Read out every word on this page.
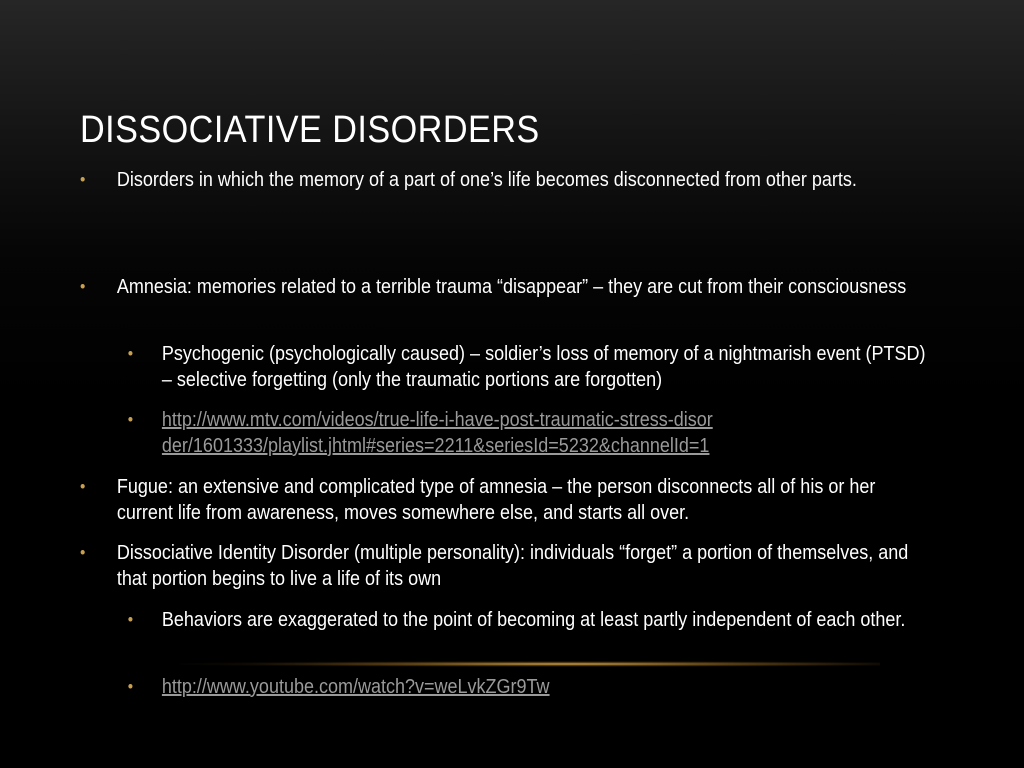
DISSOCIATIVE DISORDERS
•	Disorders in which the memory of a part of one’s life becomes disconnected from other parts.
•	Amnesia: memories related to a terrible trauma “disappear” – they are cut from their consciousness
•	Psychogenic (psychologically caused) – soldier’s loss of memory of a nightmarish event (PTSD) – selective forgetting (only the traumatic portions are forgotten)
• http://www.mtv.com/videos/true-life-i-have-post-traumatic-stress-disorder/1601333/playlist.jhtml#series=2211&seriesId=5232&channelId=1
•	Fugue: an extensive and complicated type of amnesia – the person disconnects all of his or her current life from awareness, moves somewhere else, and starts all over.
•	Dissociative Identity Disorder (multiple personality): individuals “forget” a portion of themselves, and that portion begins to live a life of its own
•	Behaviors are exaggerated to the point of becoming at least partly independent of each other.
•	http://www.youtube.com/watch?v=weLvkZGr9Tw
